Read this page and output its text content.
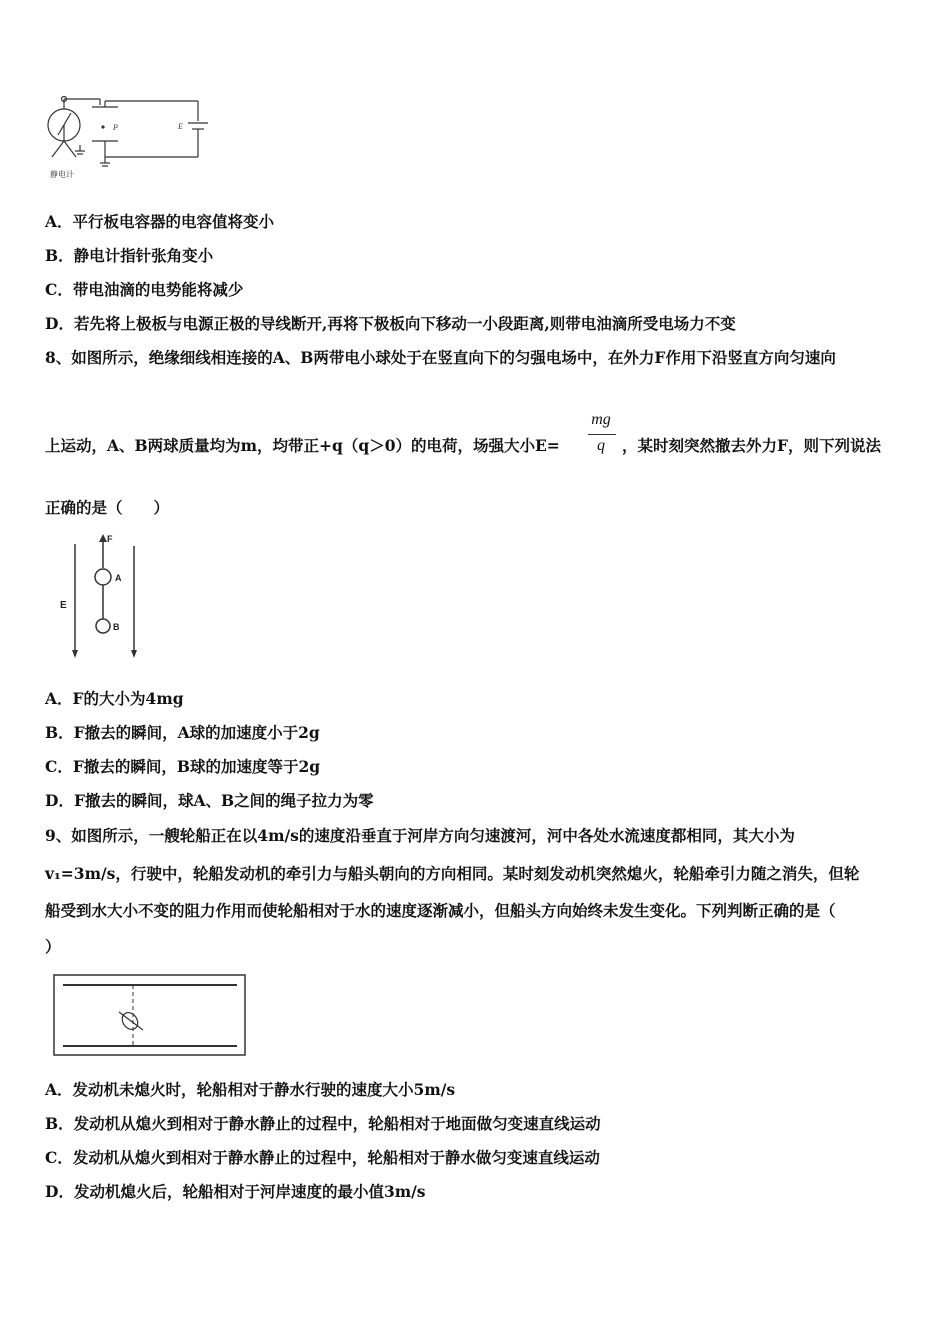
P	E
静电计
A．平行板电容器的电容值将变小
B．静电计指针张角变小
C．带电油滴的电势能将减少
D．若先将上极板与电源正极的导线断开,再将下极板向下移动一小段距离,则带电油滴所受电场力不变
8、如图所示，绝缘细线相连接的A、B两带电小球处于在竖直向下的匀强电场中，在外力F作用下沿竖直方向匀速向
mg
q
上运动，A、B两球质量均为m，均带正+q（q＞0）的电荷，场强大小E=	，某时刻突然撤去外力F，则下列说法
正确的是（　　）
E
F
A
B
A．F的大小为4mg
B．F撤去的瞬间，A球的加速度小于2g
C．F撤去的瞬间，B球的加速度等于2g
D．F撤去的瞬间，球A、B之间的绳子拉力为零
9、如图所示，一艘轮船正在以4m/s的速度沿垂直于河岸方向匀速渡河，河中各处水流速度都相同，其大小为
v₁=3m/s，行驶中，轮船发动机的牵引力与船头朝向的方向相同。某时刻发动机突然熄火，轮船牵引力随之消失，但轮
船受到水大小不变的阻力作用而使轮船相对于水的速度逐渐减小，但船头方向始终未发生变化。下列判断正确的是（
）
A．发动机未熄火时，轮船相对于静水行驶的速度大小5m/s
B．发动机从熄火到相对于静水静止的过程中，轮船相对于地面做匀变速直线运动
C．发动机从熄火到相对于静水静止的过程中，轮船相对于静水做匀变速直线运动
D．发动机熄火后，轮船相对于河岸速度的最小值3m/s
